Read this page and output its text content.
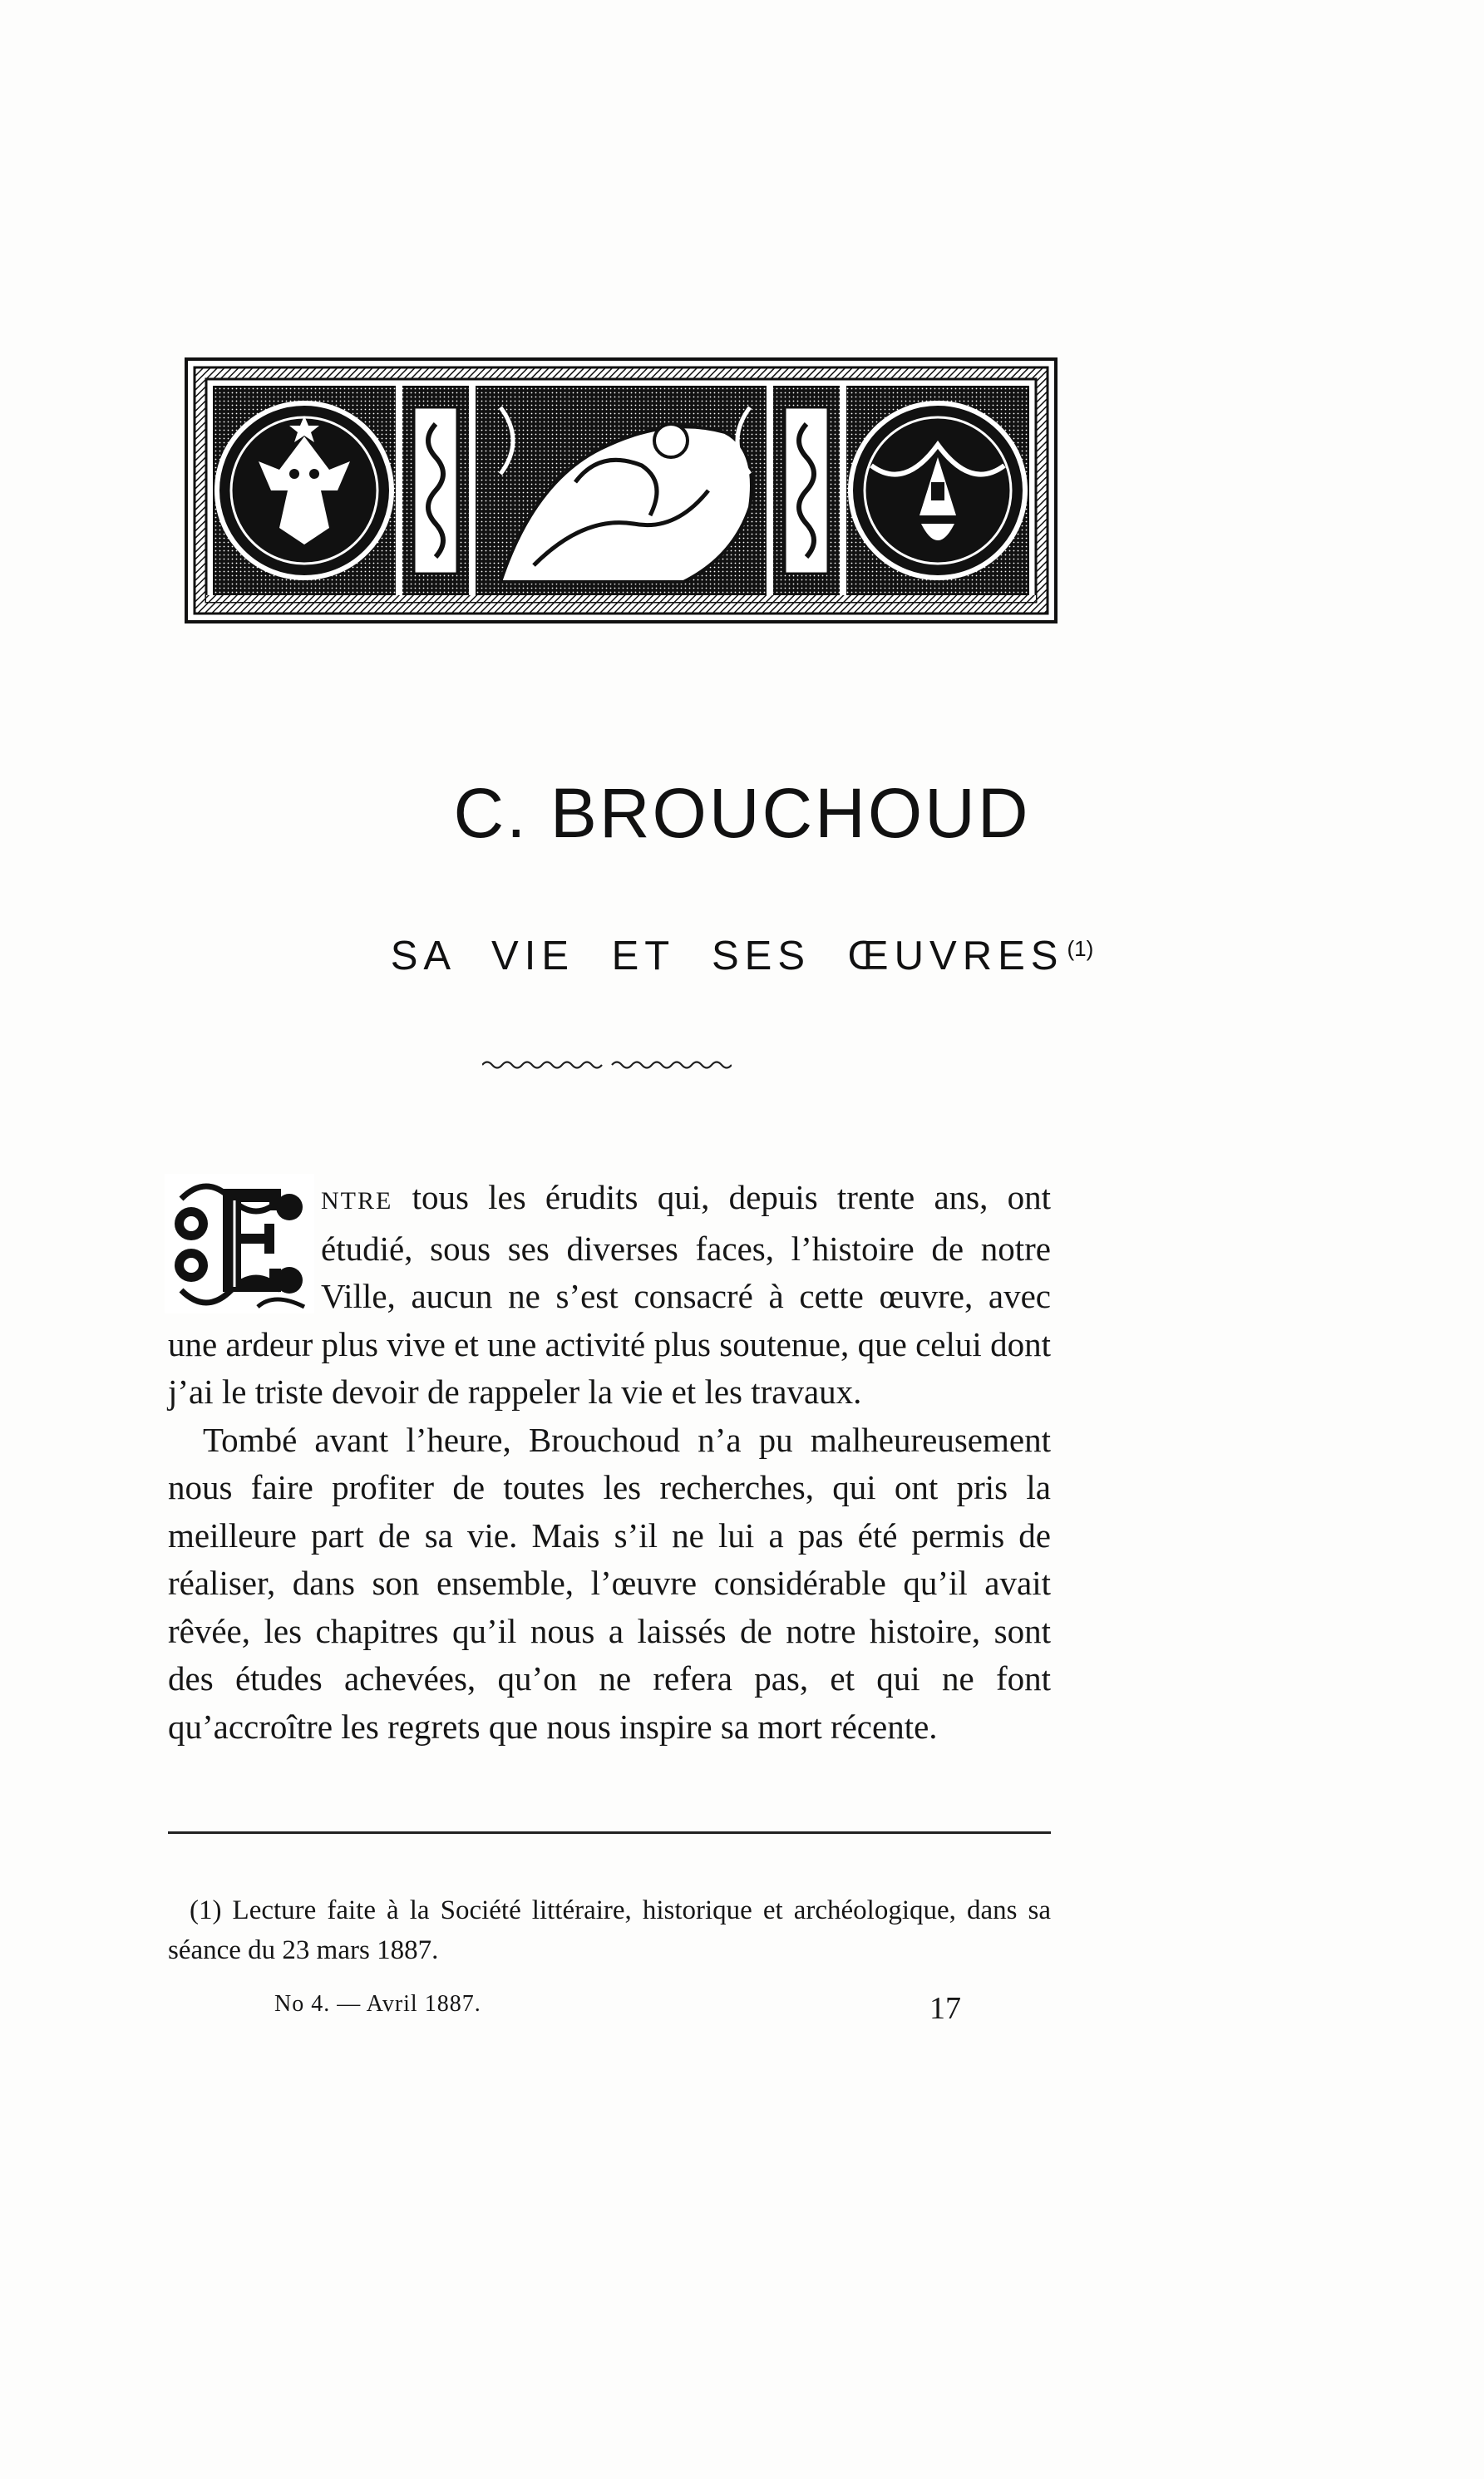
C. BROUCHOUD
SA VIE ET SES ŒUVRES $^{(1)}$

NTRE tous les érudits qui, depuis trente ans, ont étudié, sous ses diverses faces, l’histoire de notre Ville, aucun ne s’est consacré à cette œuvre, avec une ardeur plus vive et une activité plus soutenue, que celui dont j’ai le triste devoir de rappeler la vie et les travaux.

Tombé avant l’heure, Brouchoud n’a pu malheureusement nous faire profiter de toutes les recherches, qui ont pris la meilleure part de sa vie. Mais s’il ne lui a pas été permis de réaliser, dans son ensemble, l’œuvre considérable qu’il avait rêvée, les chapitres qu’il nous a laissés de notre histoire, sont des études achevées, qu’on ne refera pas, et qui ne font qu’accroître les regrets que nous inspire sa mort récente.

(1) Lecture faite à la Société littéraire, historique et archéologique, dans sa séance du 23 mars 1887.

No 4. — Avril 1887.	17
